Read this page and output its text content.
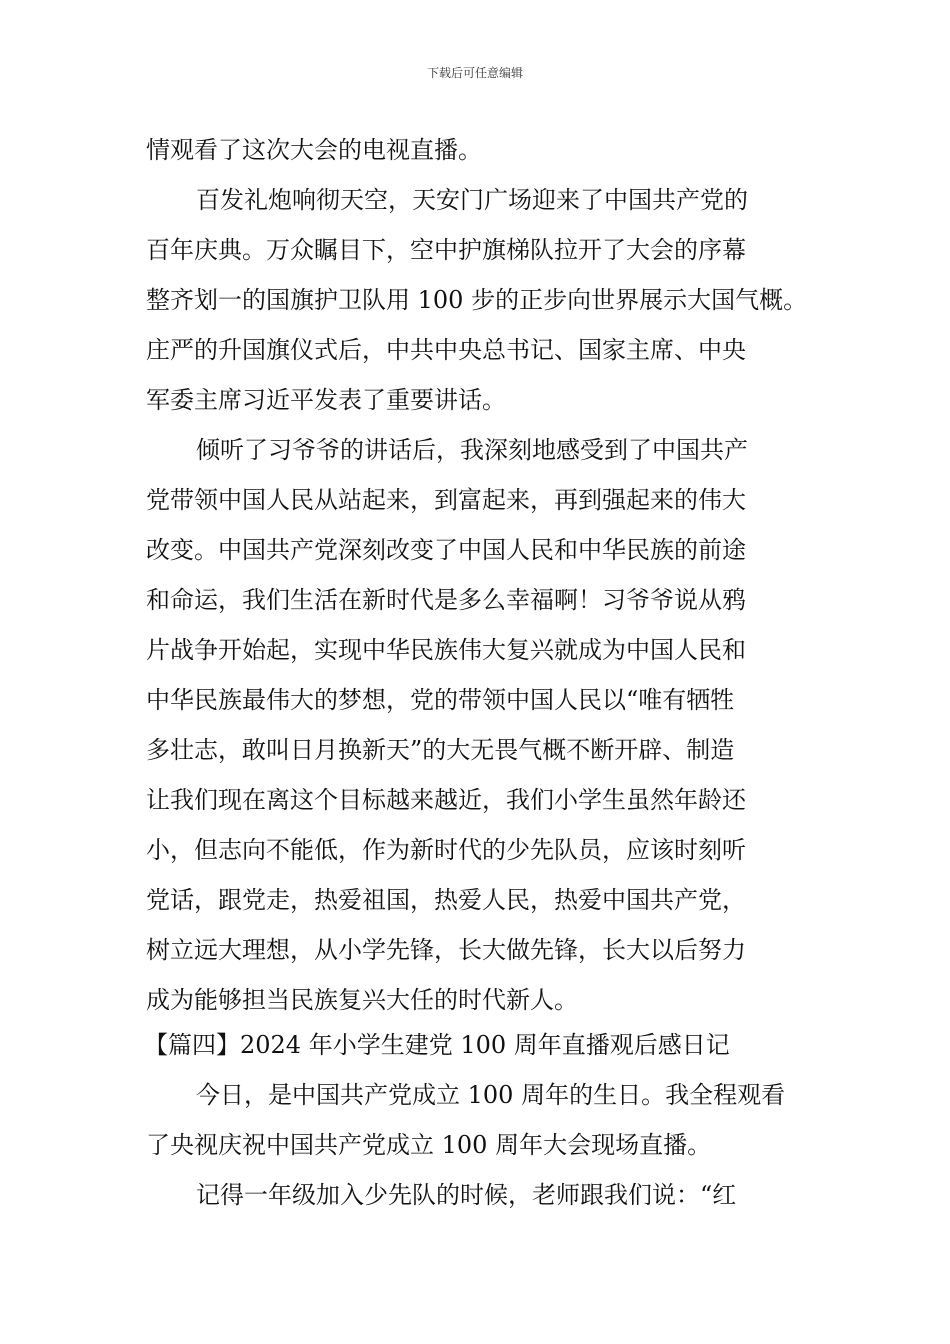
下载后可任意编辑
情观看了这次大会的电视直播。
百发礼炮响彻天空，天安门广场迎来了中国共产党的
百年庆典。万众瞩目下，空中护旗梯队拉开了大会的序幕
整齐划一的国旗护卫队用 100 步的正步向世界展示大国气概。
庄严的升国旗仪式后，中共中央总书记、国家主席、中央
军委主席习近平发表了重要讲话。
倾听了习爷爷的讲话后，我深刻地感受到了中国共产
党带领中国人民从站起来，到富起来，再到强起来的伟大
改变。中国共产党深刻改变了中国人民和中华民族的前途
和命运，我们生活在新时代是多么幸福啊！习爷爷说从鸦
片战争开始起，实现中华民族伟大复兴就成为中国人民和
中华民族最伟大的梦想，党的带领中国人民以“唯有牺牲
多壮志，敢叫日月换新天”的大无畏气概不断开辟、制造
让我们现在离这个目标越来越近，我们小学生虽然年龄还
小，但志向不能低，作为新时代的少先队员，应该时刻听
党话，跟党走，热爱祖国，热爱人民，热爱中国共产党，
树立远大理想，从小学先锋，长大做先锋，长大以后努力
成为能够担当民族复兴大任的时代新人。
【篇四】2024 年小学生建党 100 周年直播观后感日记
今日，是中国共产党成立 100 周年的生日。我全程观看
了央视庆祝中国共产党成立 100 周年大会现场直播。
记得一年级加入少先队的时候，老师跟我们说：“红
